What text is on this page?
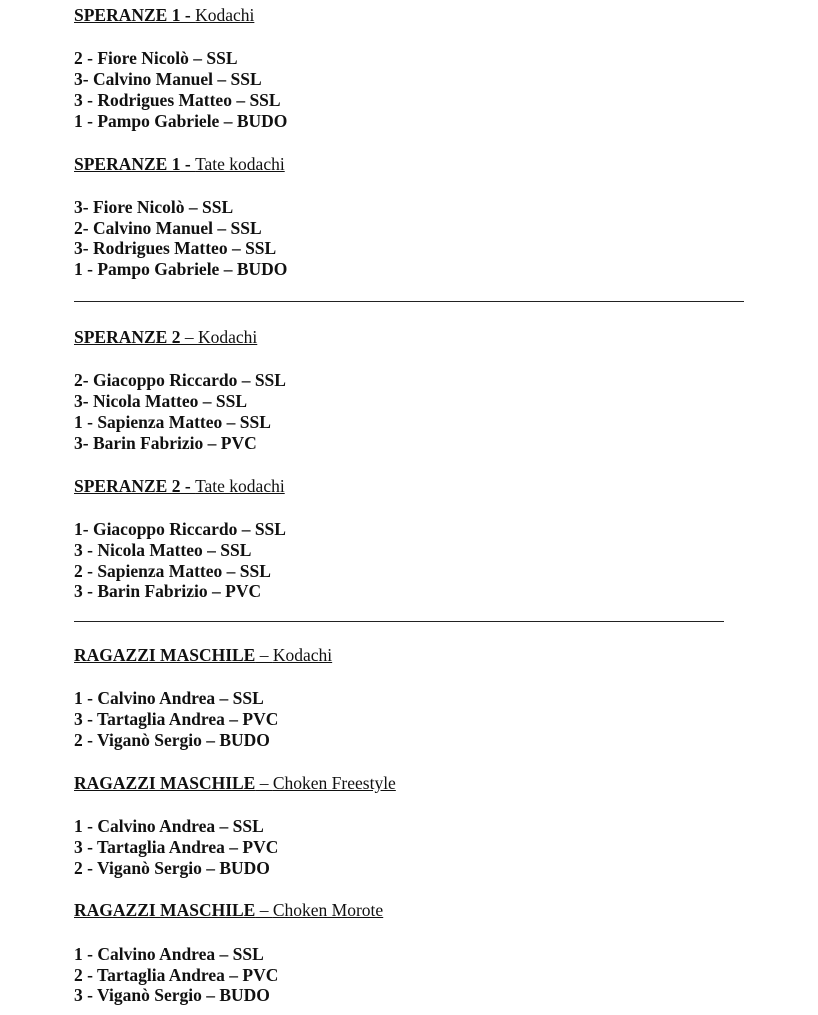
SPERANZE 1 - Kodachi
2 - Fiore Nicolò – SSL
3- Calvino Manuel – SSL
3 - Rodrigues Matteo – SSL
1 - Pampo Gabriele – BUDO
SPERANZE 1 - Tate kodachi
3- Fiore Nicolò – SSL
2- Calvino Manuel – SSL
3- Rodrigues Matteo – SSL
1 - Pampo Gabriele – BUDO
SPERANZE 2 – Kodachi
2- Giacoppo Riccardo – SSL
3- Nicola Matteo – SSL
1 - Sapienza Matteo – SSL
3- Barin Fabrizio – PVC
SPERANZE 2 - Tate kodachi
1- Giacoppo Riccardo – SSL
3 - Nicola Matteo – SSL
2 - Sapienza Matteo – SSL
3 - Barin Fabrizio – PVC
RAGAZZI MASCHILE – Kodachi
1 - Calvino Andrea – SSL
3 - Tartaglia Andrea – PVC
2 - Viganò Sergio – BUDO
RAGAZZI MASCHILE – Choken Freestyle
1 - Calvino Andrea – SSL
3 - Tartaglia Andrea – PVC
2 - Viganò Sergio – BUDO
RAGAZZI MASCHILE – Choken Morote
1 - Calvino Andrea – SSL
2 - Tartaglia Andrea – PVC
3 - Viganò Sergio – BUDO
